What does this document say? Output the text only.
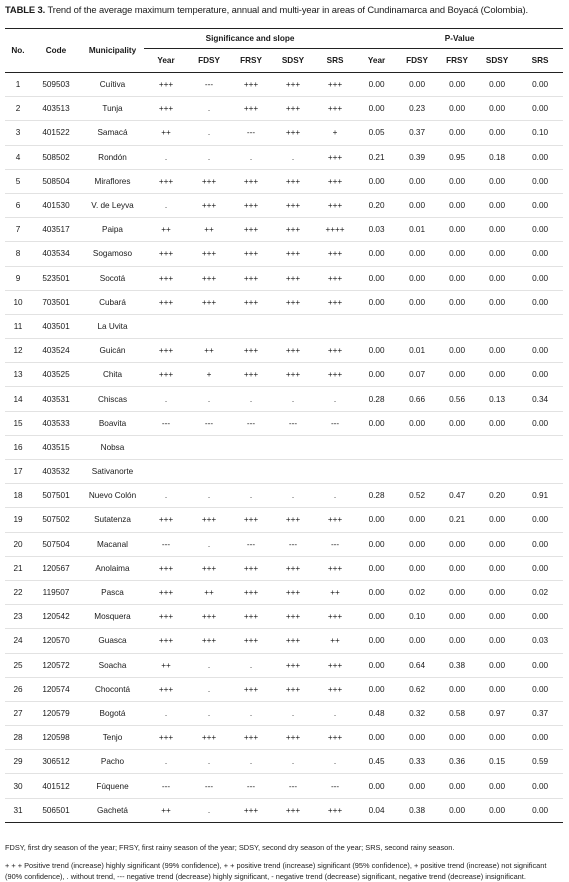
TABLE 3. Trend of the average maximum temperature, annual and multi-year in areas of Cundinamarca and Boyacá (Colombia).
No.	Code	Municipality	Significance and slope					P-Value				
			Year	FDSY	FRSY	SDSY	SRS	Year	FDSY	FRSY	SDSY	SRS
1	509503	Cuítiva	+++	---	+++	+++	+++	0.00	0.00	0.00	0.00	0.00
2	403513	Tunja	+++	.	+++	+++	+++	0.00	0.23	0.00	0.00	0.00
3	401522	Samacá	++	.	---	+++	+	0.05	0.37	0.00	0.00	0.10
4	508502	Rondón	.	.	.	.	+++	0.21	0.39	0.95	0.18	0.00
5	508504	Miraflores	+++	+++	+++	+++	+++	0.00	0.00	0.00	0.00	0.00
6	401530	V. de Leyva	.	+++	+++	+++	+++	0.20	0.00	0.00	0.00	0.00
7	403517	Paipa	++	++	+++	+++	++++	0.03	0.01	0.00	0.00	0.00
8	403534	Sogamoso	+++	+++	+++	+++	+++	0.00	0.00	0.00	0.00	0.00
9	523501	Socotá	+++	+++	+++	+++	+++	0.00	0.00	0.00	0.00	0.00
10	703501	Cubará	+++	+++	+++	+++	+++	0.00	0.00	0.00	0.00	0.00
11	403501	La Uvita										
12	403524	Guicán	+++	++	+++	+++	+++	0.00	0.01	0.00	0.00	0.00
13	403525	Chita	+++	+	+++	+++	+++	0.00	0.07	0.00	0.00	0.00
14	403531	Chiscas	.	.	.	.	.	0.28	0.66	0.56	0.13	0.34
15	403533	Boavita	---	---	---	---	---	0.00	0.00	0.00	0.00	0.00
16	403515	Nobsa										
17	403532	Sativanorte										
18	507501	Nuevo Colón	.	.	.	.	.	0.28	0.52	0.47	0.20	0.91
19	507502	Sutatenza	+++	+++	+++	+++	+++	0.00	0.00	0.21	0.00	0.00
20	507504	Macanal	---	.	---	---	---	0.00	0.00	0.00	0.00	0.00
21	120567	Anolaima	+++	+++	+++	+++	+++	0.00	0.00	0.00	0.00	0.00
22	119507	Pasca	+++	++	+++	+++	++	0.00	0.02	0.00	0.00	0.02
23	120542	Mosquera	+++	+++	+++	+++	+++	0.00	0.10	0.00	0.00	0.00
24	120570	Guasca	+++	+++	+++	+++	++	0.00	0.00	0.00	0.00	0.03
25	120572	Soacha	++	.	.	+++	+++	0.00	0.64	0.38	0.00	0.00
26	120574	Chocontá	+++	.	+++	+++	+++	0.00	0.62	0.00	0.00	0.00
27	120579	Bogotá	.	.	.	.	.	0.48	0.32	0.58	0.97	0.37
28	120598	Tenjo	+++	+++	+++	+++	+++	0.00	0.00	0.00	0.00	0.00
29	306512	Pacho	.	.	.	.	.	0.45	0.33	0.36	0.15	0.59
30	401512	Fúquene	---	---	---	---	---	0.00	0.00	0.00	0.00	0.00
31	506501	Gachetá	++	.	+++	+++	+++	0.04	0.38	0.00	0.00	0.00
FDSY, first dry season of the year; FRSY, first rainy season of the year; SDSY, second dry season of the year; SRS, second rainy season.
+ + + Positive trend (increase) highly significant (99% confidence), + + positive trend (increase) significant (95% confidence), + positive trend (increase) not significant (90% confidence), . without trend, --- negative trend (decrease) highly significant, - negative trend (decrease) significant, negative trend (decrease) insignificant.
